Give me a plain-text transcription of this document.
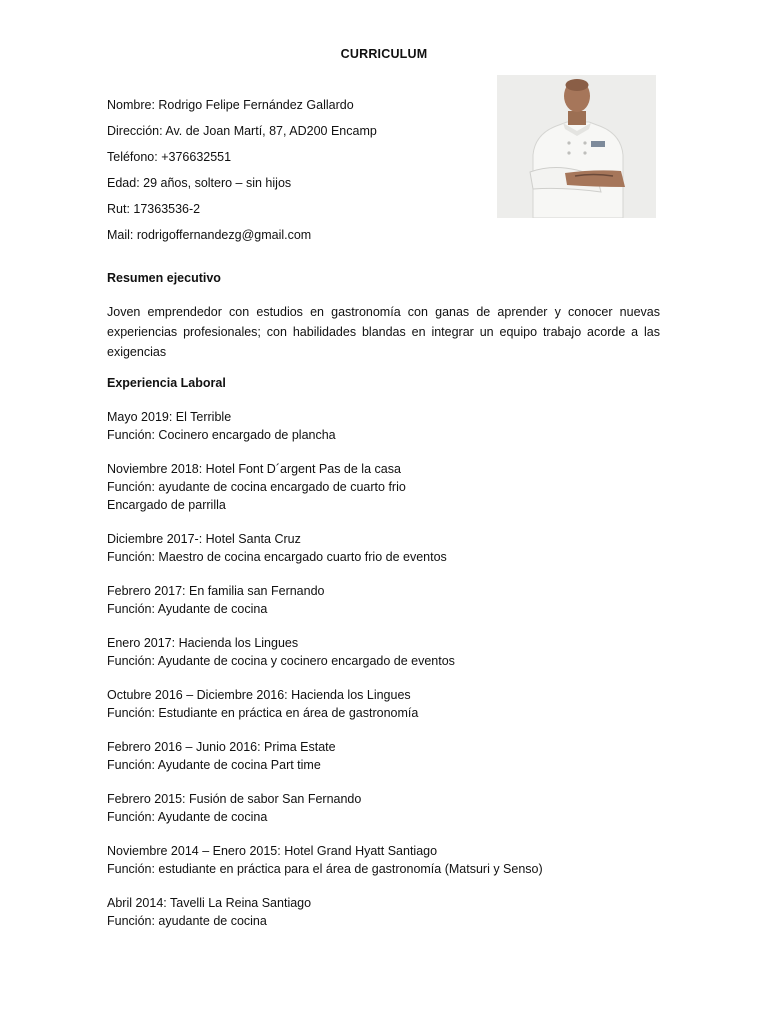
CURRICULUM
Nombre: Rodrigo Felipe Fernández Gallardo
Dirección: Av. de Joan Martí, 87, AD200 Encamp
Teléfono: +376632551
Edad: 29 años, soltero – sin hijos
Rut: 17363536-2
Mail: rodrigoffernandezg@gmail.com
Resumen ejecutivo
Joven emprendedor con estudios en gastronomía con ganas de aprender y conocer nuevas experiencias profesionales; con habilidades blandas en integrar un equipo trabajo acorde a las exigencias
Experiencia Laboral
Mayo 2019: El Terrible
Función: Cocinero encargado de plancha
Noviembre 2018: Hotel Font D´argent Pas de la casa
Función: ayudante de cocina encargado de cuarto frio
Encargado de parrilla
Diciembre 2017-: Hotel Santa Cruz
Función: Maestro de cocina encargado cuarto frio de eventos
Febrero 2017: En familia san Fernando
Función: Ayudante de cocina
Enero 2017: Hacienda los Lingues
Función: Ayudante de cocina y cocinero encargado de eventos
Octubre 2016 – Diciembre 2016: Hacienda los Lingues
Función: Estudiante en práctica en área de gastronomía
Febrero 2016 – Junio 2016: Prima Estate
Función: Ayudante de cocina Part time
Febrero 2015: Fusión de sabor San Fernando
Función: Ayudante de cocina
Noviembre 2014 – Enero 2015: Hotel Grand Hyatt Santiago
Función: estudiante en práctica para el área de gastronomía (Matsuri y Senso)
Abril 2014: Tavelli La Reina Santiago
Función: ayudante de cocina
